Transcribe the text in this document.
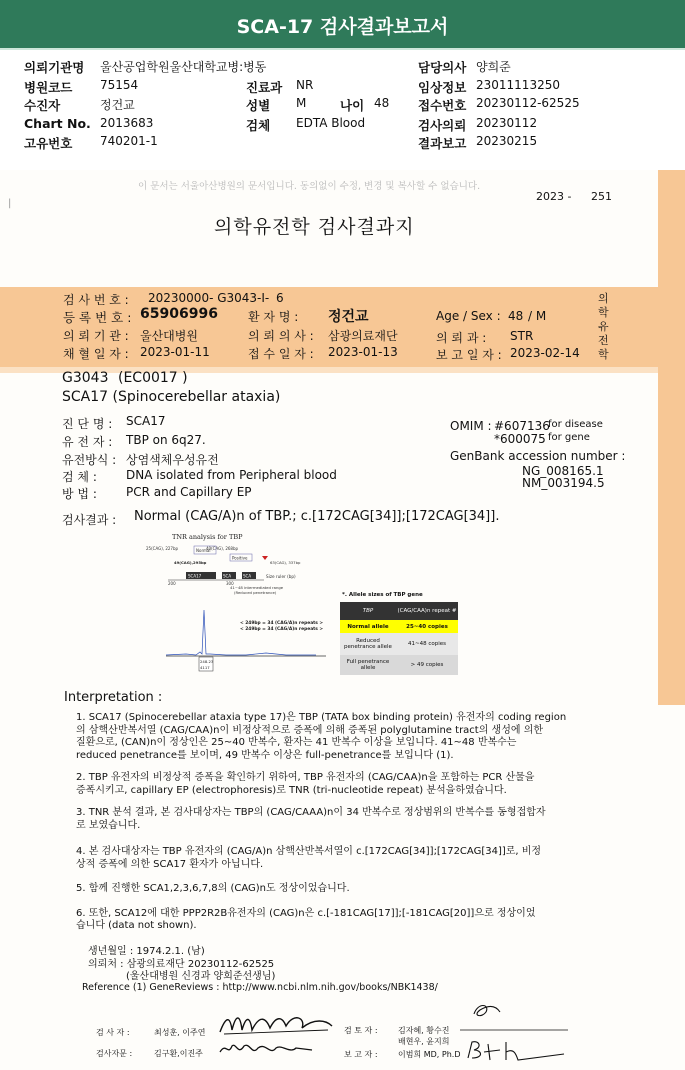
SCA-17 검사결과보고서
의뢰기관명 울산공업학원울산대학교병:병동
병원코드 75154
수진자	정건교
Chart No. 2013683
고유번호 740201-1
진료과 NR
성별 M	나이 48
검체 EDTA Blood
담당의사 양희준
임상정보 23011113250
접수번호 20230112-62525
검사의뢰 20230112
결과보고 20230215
이 문서는 서울아산병원의 문서입니다. 동의없이 수정, 변경 및 복사할 수 없습니다.
2023 - 251
|
의학유전학 검사결과지
의
학
유
전
학
검 사 번 호 : 20230000- G3043-I- 6
등 록 번 호 : 65906996	환 자 명 : 정건교	Age / Sex : 48 / M
의 뢰 기 관 : 울산대병원	의 뢰 의 사 : 삼광의료재단	의 뢰 과 : STR
채 혈 일 자 : 2023-01-11	접 수 일 자 : 2023-01-13	보 고 일 자 : 2023-02-14
G3043 (EC0017 )
SCA17 (Spinocerebellar ataxia)
진 단 명 : SCA17
유 전 자 : TBP on 6q27.
유전방식 : 상염색체우성유전
검 체 : DNA isolated from Peripheral blood
방 법 : PCR and Capillary EP
OMIM : #607136
for disease
*600075 for gene
GenBank accession number :
NG_008165.1
NM_003194.5
검사결과 : Normal (CAG/A)n of TBP.; c.[172CAG[34]];[172CAG[34]].
TNR analysis for TBP
25(CAG), 227bp	40(CAG), 268bp
Normal
Positive
49(CAG),295bp	63(CAG), 337bp
SCA17	SCA	SCA	Size ruler (bp)
200	300
41~48 intermediated range
(Reduced penetrance)
< 249bp = 34 (CAG/A)n repeats >
< 249bp = 34 (CAG/A)n repeats >
248.23
4117
*. Allele sizes of TBP gene
TBP	(CAG/CAA)n repeat #
Normal allele	25~40 copies
Reduced penetrance allele	41~48 copies
Full penetrance allele	> 49 copies
Interpretation :
1. SCA17 (Spinocerebellar ataxia type 17)은 TBP (TATA box binding protein) 유전자의 coding region
의 삼핵산반복서열 (CAG/CAA)n이 비정상적으로 증폭에 의해 증폭된 polyglutamine tract의 생성에 의한
질환으로, (CAN)n이 정상인은 25~40 반복수, 환자는 41 반복수 이상을 보입니다. 41~48 반복수는
reduced penetrance를 보이며, 49 반복수 이상은 full-penetrance를 보입니다 (1).
2. TBP 유전자의 비정상적 증폭을 확인하기 위하여, TBP 유전자의 (CAG/CAA)n을 포함하는 PCR 산물을
증폭시키고, capillary EP (electrophoresis)로 TNR (tri-nucleotide repeat) 분석을하였습니다.
3. TNR 분석 결과, 본 검사대상자는 TBP의 (CAG/CAAA)n이 34 반복수로 정상범위의 반복수를 동형접합자
로 보였습니다.
4. 본 검사대상자는 TBP 유전자의 (CAG/A)n 삼핵산반복서열이 c.[172CAG[34]];[172CAG[34]]로, 비정
상적 증폭에 의한 SCA17 환자가 아닙니다.
5. 함께 진행한 SCA1,2,3,6,7,8의 (CAG)n도 정상이었습니다.
6. 또한, SCA12에 대한 PPP2R2B유전자의 (CAG)n은 c.[-181CAG[17]];[-181CAG[20]]으로 정상이었
습니다 (data not shown).
생년월일 : 1974.2.1. (남)
의뢰처 : 삼광의료재단 20230112-62525
(울산대병원 신경과 양희준선생님)
Reference (1) GeneReviews : http://www.ncbi.nlm.nih.gov/books/NBK1438/
검 사 자 :	최성훈, 이주연	검 토 자 :	김자혜, 황수진
배현우, 윤지희
검사자문 :	김구환,이진주	보 고 자 :	이범희 MD, Ph.D
